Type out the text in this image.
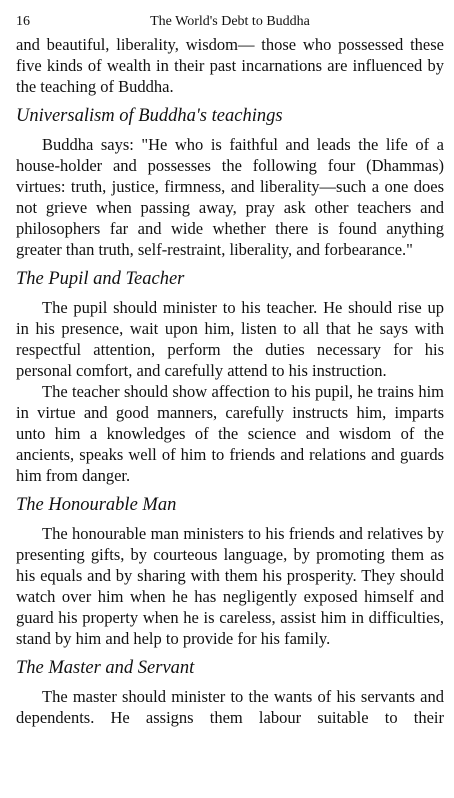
16	The World's Debt to Buddha

and beautiful, liberality, wisdom— those who possessed these five kinds of wealth in their past incarnations are influenced by the teaching of Buddha.

Universalism of Buddha's teachings

Buddha says: "He who is faithful and leads the life of a house-holder and possesses the following four (Dhammas) virtues: truth, justice, firmness, and liberality—such a one does not grieve when passing away, pray ask other teachers and philosophers far and wide whether there is found anything greater than truth, self-restraint, liberality, and forbearance."

The Pupil and Teacher

The pupil should minister to his teacher. He should rise up in his presence, wait upon him, listen to all that he says with respectful attention, perform the duties necessary for his personal comfort, and carefully attend to his instruction.

The teacher should show affection to his pupil, he trains him in virtue and good manners, carefully instructs him, imparts unto him a knowledges of the science and wisdom of the ancients, speaks well of him to friends and relations and guards him from danger.

The Honourable Man

The honourable man ministers to his friends and relatives by presenting gifts, by courteous language, by promoting them as his equals and by sharing with them his prosperity. They should watch over him when he has negligently exposed himself and guard his property when he is careless, assist him in difficulties, stand by him and help to provide for his family.

The Master and Servant

The master should minister to the wants of his servants and dependents. He assigns them labour suitable to their
